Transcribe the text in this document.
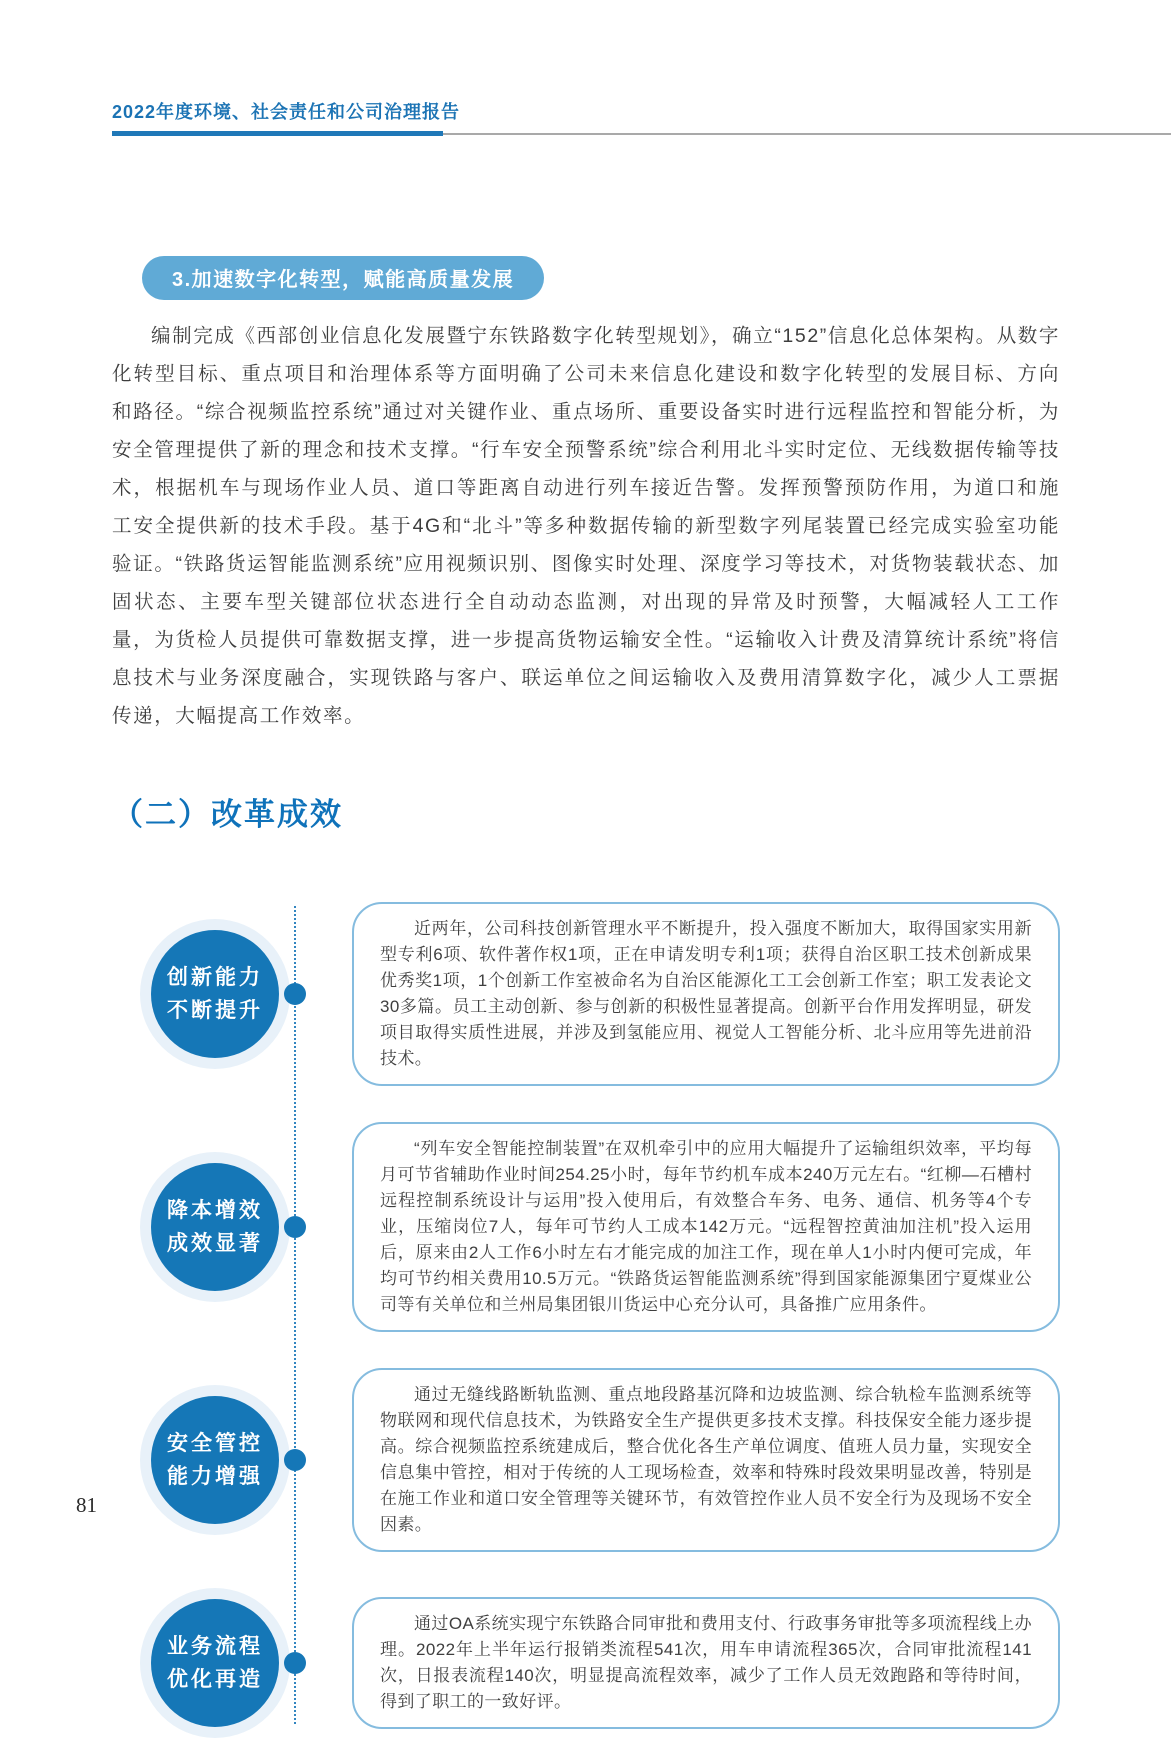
2022年度环境、社会责任和公司治理报告
3.加速数字化转型，赋能高质量发展

编制完成《西部创业信息化发展暨宁东铁路数字化转型规划》，确立“152”信息化总体架构。从数字化转型目标、重点项目和治理体系等方面明确了公司未来信息化建设和数字化转型的发展目标、方向和路径。“综合视频监控系统”通过对关键作业、重点场所、重要设备实时进行远程监控和智能分析，为安全管理提供了新的理念和技术支撑。“行车安全预警系统”综合利用北斗实时定位、无线数据传输等技术，根据机车与现场作业人员、道口等距离自动进行列车接近告警。发挥预警预防作用，为道口和施工安全提供新的技术手段。基于4G和“北斗”等多种数据传输的新型数字列尾装置已经完成实验室功能验证。“铁路货运智能监测系统”应用视频识别、图像实时处理、深度学习等技术，对货物装载状态、加固状态、主要车型关键部位状态进行全自动动态监测，对出现的异常及时预警，大幅减轻人工工作量，为货检人员提供可靠数据支撑，进一步提高货物运输安全性。“运输收入计费及清算统计系统”将信息技术与业务深度融合，实现铁路与客户、联运单位之间运输收入及费用清算数字化，减少人工票据传递，大幅提高工作效率。

（二）改革成效
创新能力
不断提升

近两年，公司科技创新管理水平不断提升，投入强度不断加大，取得国家实用新型专利6项、软件著作权1项，正在申请发明专利1项；获得自治区职工技术创新成果优秀奖1项，1个创新工作室被命名为自治区能源化工工会创新工作室；职工发表论文30多篇。员工主动创新、参与创新的积极性显著提高。创新平台作用发挥明显，研发项目取得实质性进展，并涉及到氢能应用、视觉人工智能分析、北斗应用等先进前沿技术。

降本增效
成效显著

“列车安全智能控制装置”在双机牵引中的应用大幅提升了运输组织效率，平均每月可节省辅助作业时间254.25小时，每年节约机车成本240万元左右。“红柳—石槽村远程控制系统设计与运用”投入使用后，有效整合车务、电务、通信、机务等4个专业，压缩岗位7人，每年可节约人工成本142万元。“远程智控黄油加注机”投入运用后，原来由2人工作6小时左右才能完成的加注工作，现在单人1小时内便可完成，年均可节约相关费用10.5万元。“铁路货运智能监测系统”得到国家能源集团宁夏煤业公司等有关单位和兰州局集团银川货运中心充分认可，具备推广应用条件。

安全管控
能力增强

通过无缝线路断轨监测、重点地段路基沉降和边坡监测、综合轨检车监测系统等物联网和现代信息技术，为铁路安全生产提供更多技术支撑。科技保安全能力逐步提高。综合视频监控系统建成后，整合优化各生产单位调度、值班人员力量，实现安全信息集中管控，相对于传统的人工现场检查，效率和特殊时段效果明显改善，特别是在施工作业和道口安全管理等关键环节，有效管控作业人员不安全行为及现场不安全因素。

业务流程
优化再造

通过OA系统实现宁东铁路合同审批和费用支付、行政事务审批等多项流程线上办理。2022年上半年运行报销类流程541次，用车申请流程365次，合同审批流程141次，日报表流程140次，明显提高流程效率，减少了工作人员无效跑路和等待时间，得到了职工的一致好评。

81
